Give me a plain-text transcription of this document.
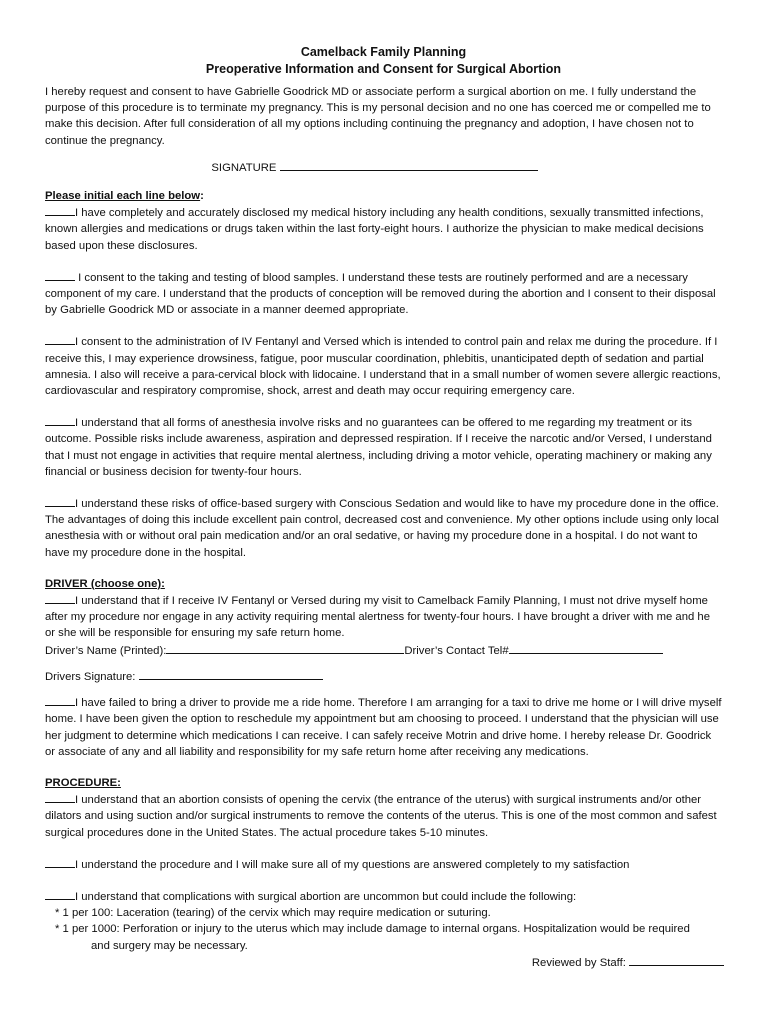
Camelback Family Planning
Preoperative Information and Consent for Surgical Abortion

I hereby request and consent to have Gabrielle Goodrick MD or associate perform a surgical abortion on me. I fully understand the purpose of this procedure is to terminate my pregnancy. This is my personal decision and no one has coerced me or compelled me to make this decision. After full consideration of all my options including continuing the pregnancy and adoption, I have chosen not to continue the pregnancy.

SIGNATURE

Please initial each line below:

I have completely and accurately disclosed my medical history including any health conditions, sexually transmitted infections, known allergies and medications or drugs taken within the last forty-eight hours. I authorize the physician to make medical decisions based upon these disclosures.

I consent to the taking and testing of blood samples. I understand these tests are routinely performed and are a necessary component of my care. I understand that the products of conception will be removed during the abortion and I consent to their disposal by Gabrielle Goodrick MD or associate in a manner deemed appropriate.

I consent to the administration of IV Fentanyl and Versed which is intended to control pain and relax me during the procedure. If I receive this, I may experience drowsiness, fatigue, poor muscular coordination, phlebitis, unanticipated depth of sedation and partial amnesia. I also will receive a para-cervical block with lidocaine. I understand that in a small number of women severe allergic reactions, cardiovascular and respiratory compromise, shock, arrest and death may occur requiring emergency care.

I understand that all forms of anesthesia involve risks and no guarantees can be offered to me regarding my treatment or its outcome. Possible risks include awareness, aspiration and depressed respiration. If I receive the narcotic and/or Versed, I understand that I must not engage in activities that require mental alertness, including driving a motor vehicle, operating machinery or making any financial or business decision for twenty-four hours.

I understand these risks of office-based surgery with Conscious Sedation and would like to have my procedure done in the office. The advantages of doing this include excellent pain control, decreased cost and convenience. My other options include using only local anesthesia with or without oral pain medication and/or an oral sedative, or having my procedure done in a hospital. I do not want to have my procedure done in the hospital.

DRIVER (choose one):

I understand that if I receive IV Fentanyl or Versed during my visit to Camelback Family Planning, I must not drive myself home after my procedure nor engage in any activity requiring mental alertness for twenty-four hours. I have brought a driver with me and he or she will be responsible for ensuring my safe return home.

Driver’s Name (Printed):	Driver’s Contact Tel#

Drivers Signature:

I have failed to bring a driver to provide me a ride home. Therefore I am arranging for a taxi to drive me home or I will drive myself home. I have been given the option to reschedule my appointment but am choosing to proceed. I understand that the physician will use her judgment to determine which medications I can receive. I can safely receive Motrin and drive home. I hereby release Dr. Goodrick or associate of any and all liability and responsibility for my safe return home after receiving any medications.

PROCEDURE:

I understand that an abortion consists of opening the cervix (the entrance of the uterus) with surgical instruments and/or other dilators and using suction and/or surgical instruments to remove the contents of the uterus. This is one of the most common and safest surgical procedures done in the United States. The actual procedure takes 5-10 minutes.

I understand the procedure and I will make sure all of my questions are answered completely to my satisfaction

I understand that complications with surgical abortion are uncommon but could include the following:

* 1 per 100: Laceration (tearing) of the cervix which may require medication or suturing.

* 1 per 1000: Perforation or injury to the uterus which may include damage to internal organs. Hospitalization would be required

and surgery may be necessary.

Reviewed by Staff:
